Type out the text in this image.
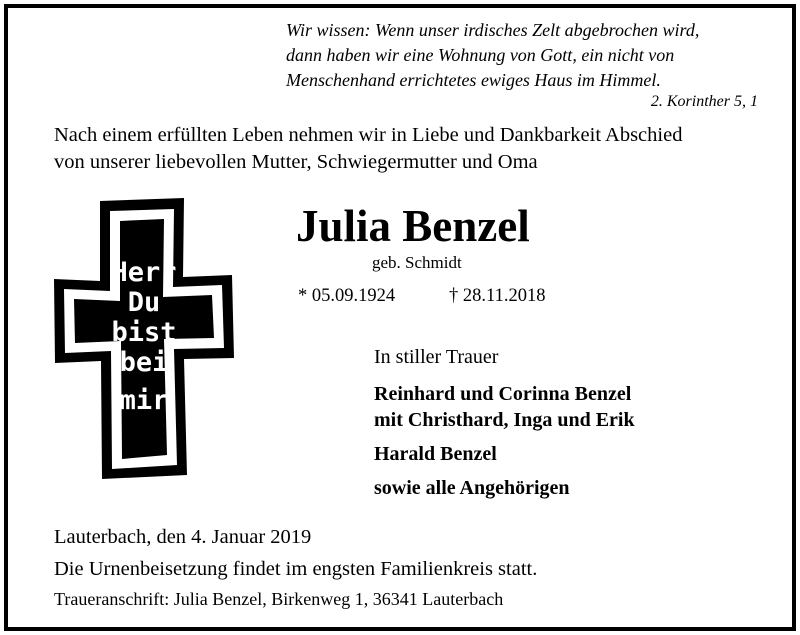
Wir wissen: Wenn unser irdisches Zelt abgebrochen wird,
dann haben wir eine Wohnung von Gott, ein nicht von
Menschenhand errichtetes ewiges Haus im Himmel.
2. Korinther 5, 1
Nach einem erfüllten Leben nehmen wir in Liebe und Dankbarkeit Abschied
von unserer liebevollen Mutter, Schwiegermutter und Oma
Herr
Du
bist
bei
mir
Julia Benzel
geb. Schmidt
* 05.09.1924	† 28.11.2018
In stiller Trauer
Reinhard und Corinna Benzel
mit Christhard, Inga und Erik
Harald Benzel
sowie alle Angehörigen
Lauterbach, den 4. Januar 2019
Die Urnenbeisetzung findet im engsten Familienkreis statt.
Traueranschrift: Julia Benzel, Birkenweg 1, 36341 Lauterbach
